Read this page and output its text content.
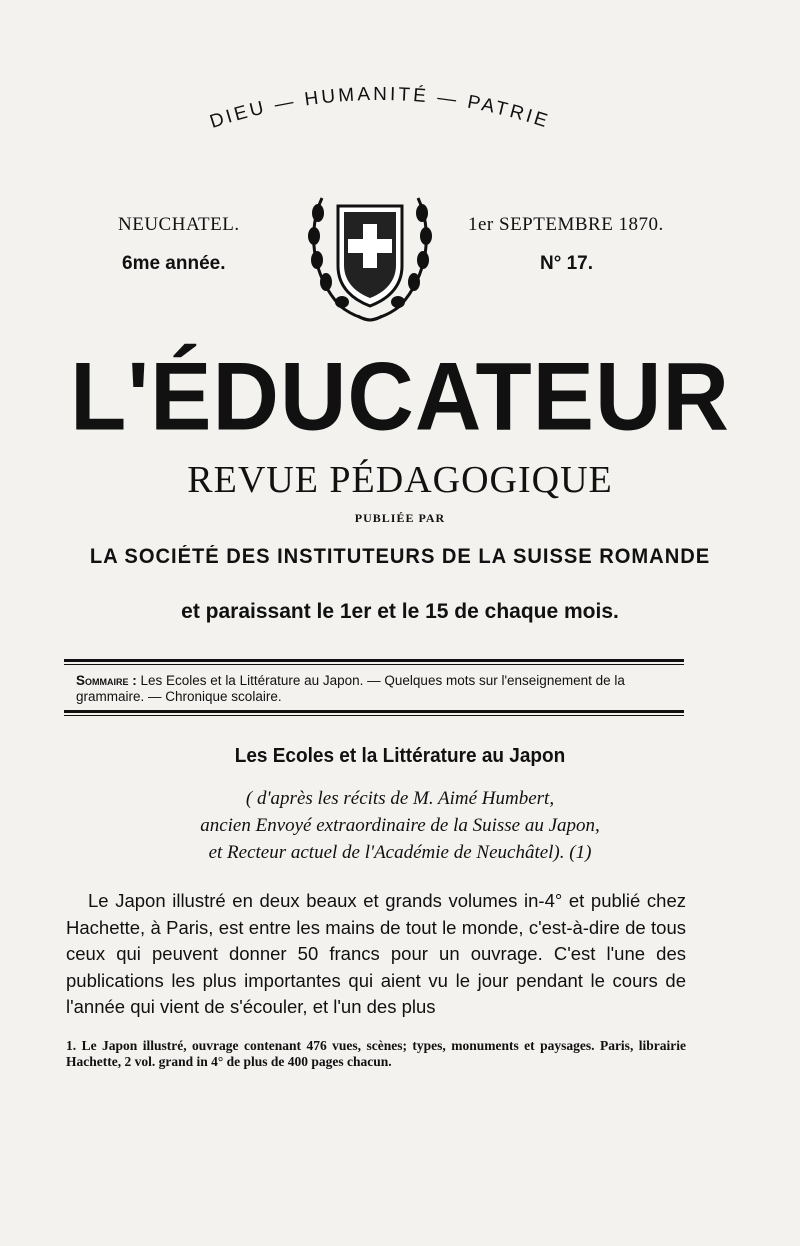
DIEU — HUMANITÉ — PATRIE
NEUCHATEL.
6me année.
1er SEPTEMBRE 1870.
N° 17.
L'ÉDUCATEUR
REVUE PÉDAGOGIQUE
PUBLIÉE PAR
LA SOCIÉTÉ DES INSTITUTEURS DE LA SUISSE ROMANDE
et paraissant le 1er et le 15 de chaque mois.
Sommaire : Les Ecoles et la Littérature au Japon. — Quelques mots sur l'enseignement de la grammaire. — Chronique scolaire.
Les Ecoles et la Littérature au Japon
( d'après les récits de M. Aimé Humbert,
ancien Envoyé extraordinaire de la Suisse au Japon,
et Recteur actuel de l'Académie de Neuchâtel). (1)

Le Japon illustré en deux beaux et grands volumes in-4° et publié chez Hachette, à Paris, est entre les mains de tout le monde, c'est-à-dire de tous ceux qui peuvent donner 50 francs pour un ouvrage. C'est l'une des publications les plus importantes qui aient vu le jour pendant le cours de l'année qui vient de s'écouler, et l'un des plus

1. Le Japon illustré, ouvrage contenant 476 vues, scènes; types, monuments et paysages. Paris, librairie Hachette, 2 vol. grand in 4° de plus de 400 pages chacun.
